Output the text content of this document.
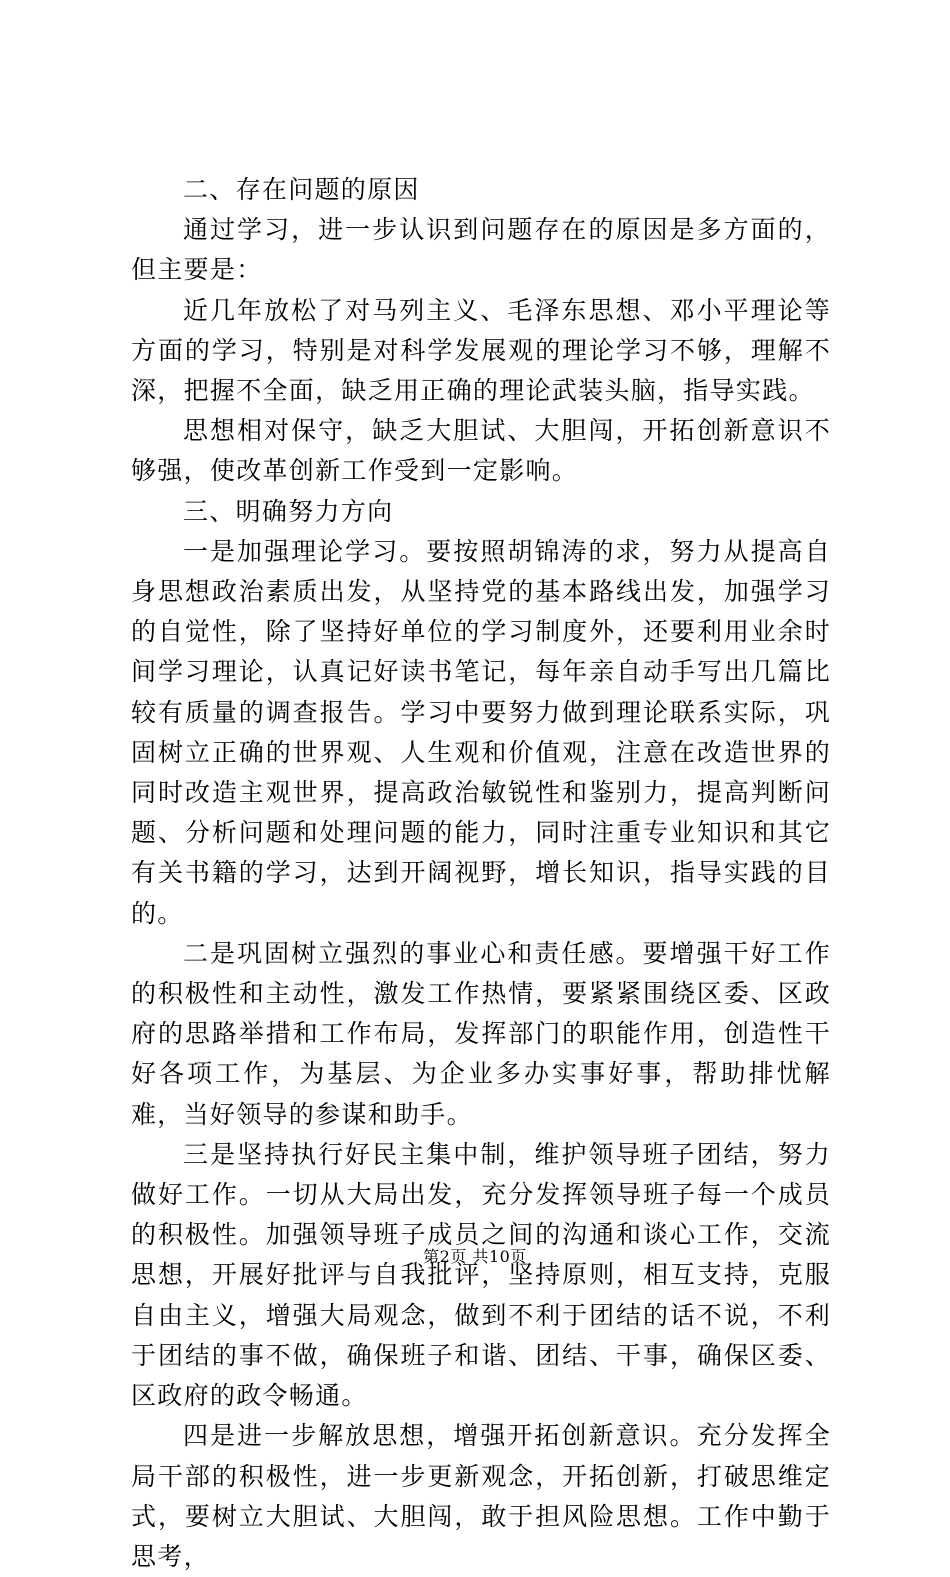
二、存在问题的原因

通过学习，进一步认识到问题存在的原因是多方面的，但主要是：

近几年放松了对马列主义、毛泽东思想、邓小平理论等方面的学习，特别是对科学发展观的理论学习不够，理解不深，把握不全面，缺乏用正确的理论武装头脑，指导实践。

思想相对保守，缺乏大胆试、大胆闯，开拓创新意识不够强，使改革创新工作受到一定影响。

三、明确努力方向

一是加强理论学习。要按照胡锦涛的求，努力从提高自身思想政治素质出发，从坚持党的基本路线出发，加强学习的自觉性，除了坚持好单位的学习制度外，还要利用业余时间学习理论，认真记好读书笔记，每年亲自动手写出几篇比较有质量的调查报告。学习中要努力做到理论联系实际，巩固树立正确的世界观、人生观和价值观，注意在改造世界的同时改造主观世界，提高政治敏锐性和鉴别力，提高判断问题、分析问题和处理问题的能力，同时注重专业知识和其它有关书籍的学习，达到开阔视野，增长知识，指导实践的目的。

二是巩固树立强烈的事业心和责任感。要增强干好工作的积极性和主动性，激发工作热情，要紧紧围绕区委、区政府的思路举措和工作布局，发挥部门的职能作用，创造性干好各项工作，为基层、为企业多办实事好事，帮助排忧解难，当好领导的参谋和助手。

三是坚持执行好民主集中制，维护领导班子团结，努力做好工作。一切从大局出发，充分发挥领导班子每一个成员的积极性。加强领导班子成员之间的沟通和谈心工作，交流思想，开展好批评与自我批评，坚持原则，相互支持，克服自由主义，增强大局观念，做到不利于团结的话不说，不利于团结的事不做，确保班子和谐、团结、干事，确保区委、区政府的政令畅通。

四是进一步解放思想，增强开拓创新意识。充分发挥全局干部的积极性，进一步更新观念，开拓创新，打破思维定式，要树立大胆试、大胆闯，敢于担风险思想。工作中勤于思考，

第2页 共10页
